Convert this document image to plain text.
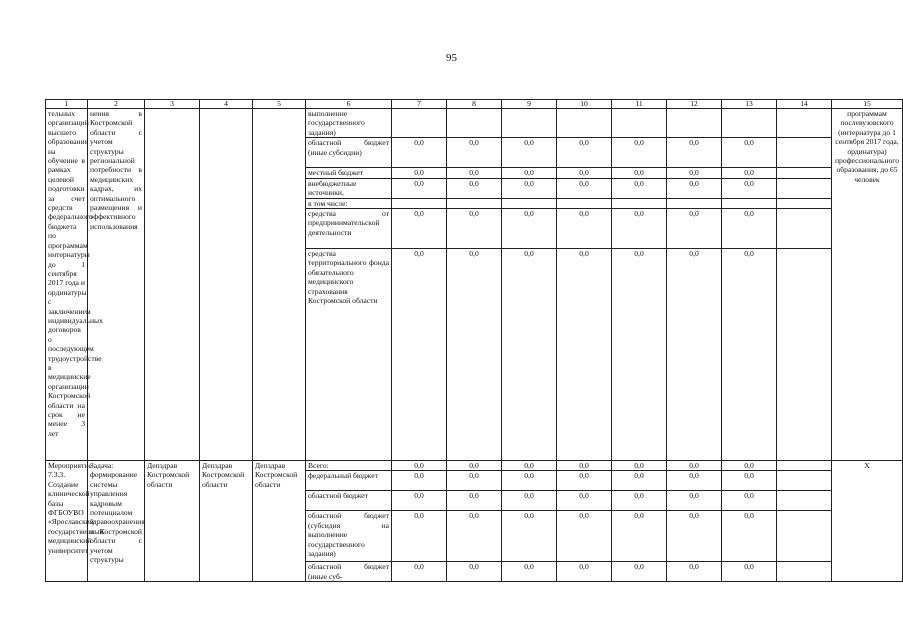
95
1	2	3	4	5	6	7	8	9	10	11	12	13	14	15
тельных организаций высшего образования на обучение в рамках целевой подготовки за счет средств федерального бюджета по программам интернатуры до 1 сентября 2017 года и ординатуры с заключением индивидуальных договоров о последующем трудоустройстве в медицинские организации Костромской области на срок не менее 3 лет	нения в Костромской области с учетом структуры региональной потребности в медицинских кадрах, их оптимального размещения и эффективного использования				выполнение государственного задания)									программам послевузовского (интернатура до 1 сентября 2017 года, ординатура) профессионального образования, до 65 человек
					областной бюджет (иные субсидии)	0,0	0,0	0,0	0,0	0,0	0,0	0,0		
					местный бюджет	0,0	0,0	0,0	0,0	0,0	0,0	0,0		
					внебюджетные источники,	0,0	0,0	0,0	0,0	0,0	0,0	0,0		
					в том числе:									
					средства от предпринимательской деятельности	0,0	0,0	0,0	0,0	0,0	0,0	0,0		
					средства территориального фонда обязательного медицинского страхования Костромской области	0,0	0,0	0,0	0,0	0,0	0,0	0,0		
Мероприятие 7.3.3. Создание клинической базы ФГБОУВО «Ярославский государственный медицинский университет	Задача: формирование системы управления кадровым потенциалом здравоохранения в Костромской области с учетом структуры	Депздрав Костромской области	Депздрав Костромской области	Депздрав Костромской области	Всего:	0,0	0,0	0,0	0,0	0,0	0,0	0,0		X
					федеральный бюджет	0,0	0,0	0,0	0,0	0,0	0,0	0,0		
					областной бюджет	0,0	0,0	0,0	0,0	0,0	0,0	0,0		
					областной бюджет (субсидия на выполнение государственного задания)	0,0	0,0	0,0	0,0	0,0	0,0	0,0		
					областной бюджет (иные суб-	0,0	0,0	0,0	0,0	0,0	0,0	0,0		
